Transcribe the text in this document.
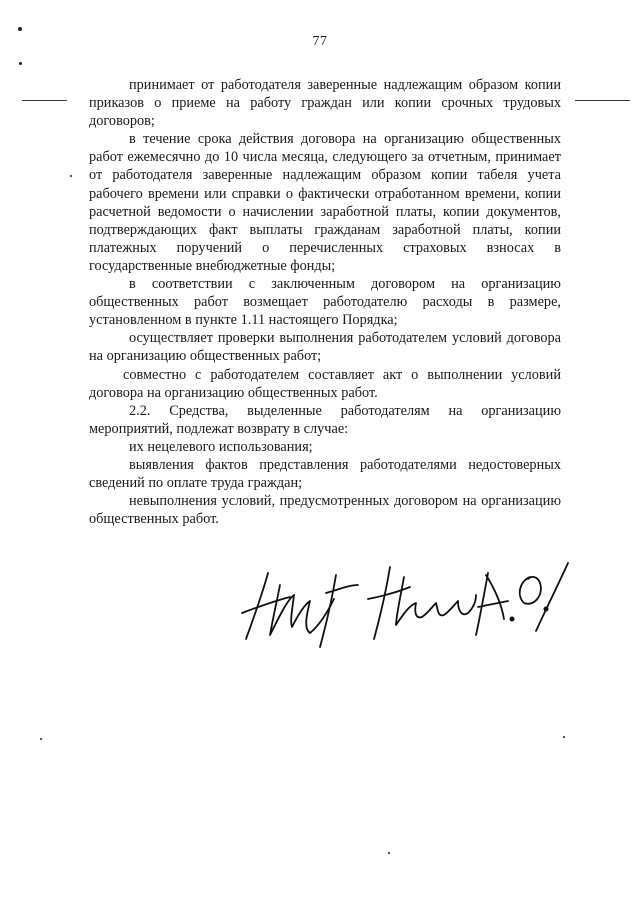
77

принимает от работодателя заверенные надлежащим образом копии приказов о приеме на работу граждан или копии срочных трудовых договоров;

в течение срока действия договора на организацию общественных работ ежемесячно до 10 числа месяца, следующего за отчетным, принимает от работодателя заверенные надлежащим образом копии табеля учета рабочего времени или справки о фактически отработанном времени, копии расчетной ведомости о начислении заработной платы, копии документов, подтверждающих факт выплаты гражданам заработной платы, копии платежных поручений о перечисленных страховых взносах в государственные внебюджетные фонды;

в соответствии с заключенным договором на организацию общественных работ возмещает работодателю расходы в размере, установленном в пункте 1.11 настоящего Порядка;

осуществляет проверки выполнения работодателем условий договора на организацию общественных работ;

совместно с работодателем составляет акт о выполнении условий договора на организацию общественных работ.

2.2. Средства, выделенные работодателям на организацию мероприятий, подлежат возврату в случае:

их нецелевого использования;

выявления фактов представления работодателями недостоверных сведений по оплате труда граждан;

невыполнения условий, предусмотренных договором на организацию общественных работ.
